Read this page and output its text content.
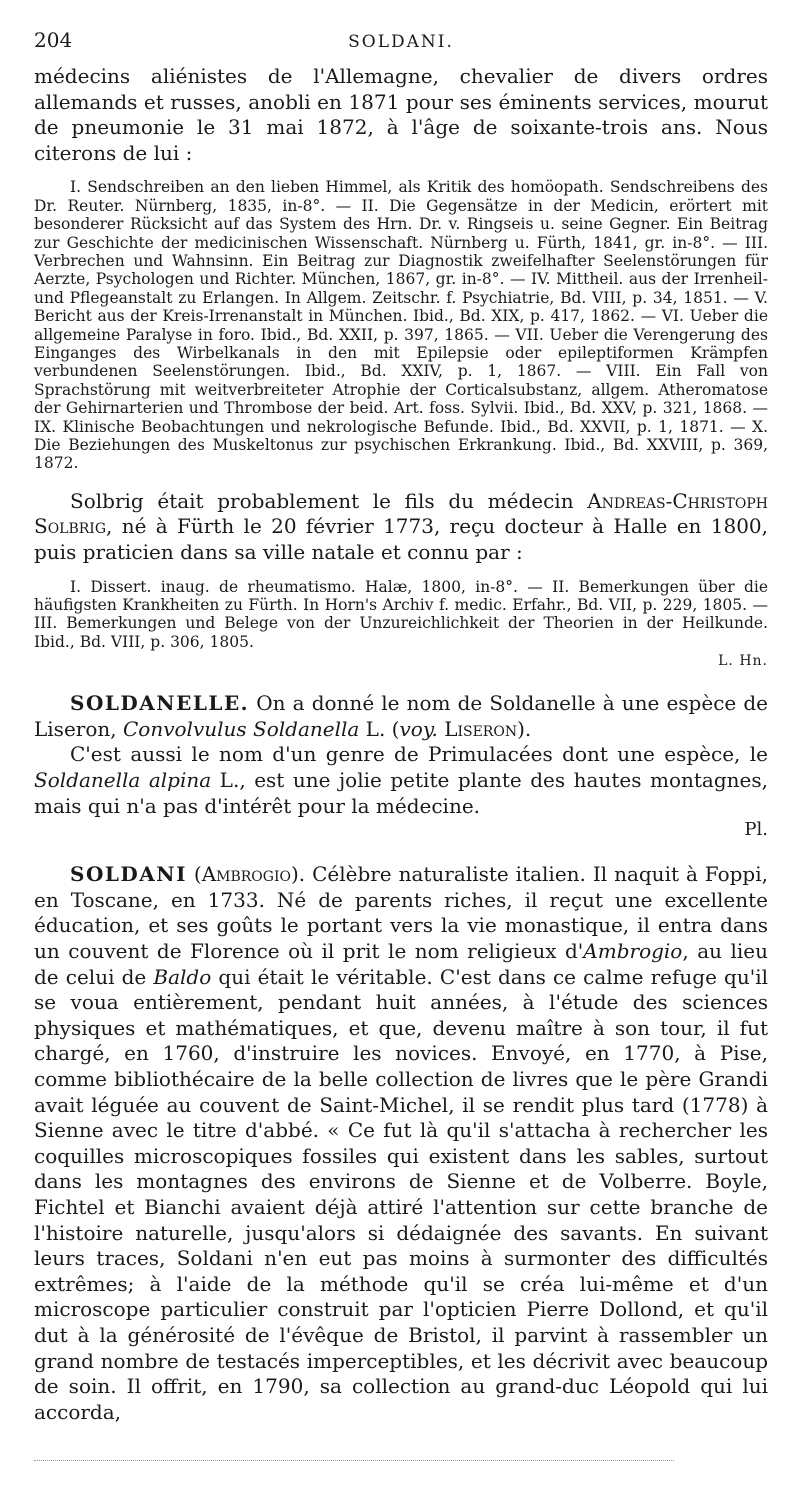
204	SOLDANI.

médecins aliénistes de l'Allemagne, chevalier de divers ordres allemands et russes, anobli en 1871 pour ses éminents services, mourut de pneumonie le 31 mai 1872, à l'âge de soixante-trois ans. Nous citerons de lui :

I. Sendschreiben an den lieben Himmel, als Kritik des homöopath. Sendschreibens des Dr. Reuter. Nürnberg, 1835, in-8°. — II. Die Gegensätze in der Medicin, erörtert mit besonderer Rücksicht auf das System des Hrn. Dr. v. Ringseis u. seine Gegner. Ein Beitrag zur Geschichte der medicinischen Wissenschaft. Nürnberg u. Fürth, 1841, gr. in-8°. — III. Verbrechen und Wahnsinn. Ein Beitrag zur Diagnostik zweifelhafter Seelenstörungen für Aerzte, Psychologen und Richter. München, 1867, gr. in-8°. — IV. Mittheil. aus der Irrenheil- und Pflegeanstalt zu Erlangen. In Allgem. Zeitschr. f. Psychiatrie, Bd. VIII, p. 34, 1851. — V. Bericht aus der Kreis-Irrenanstalt in München. Ibid., Bd. XIX, p. 417, 1862. — VI. Ueber die allgemeine Paralyse in foro. Ibid., Bd. XXII, p. 397, 1865. — VII. Ueber die Verengerung des Einganges des Wirbelkanals in den mit Epilepsie oder epileptiformen Krämpfen verbundenen Seelenstörungen. Ibid., Bd. XXIV, p. 1, 1867. — VIII. Ein Fall von Sprachstörung mit weitverbreiteter Atrophie der Corticalsubstanz, allgem. Atheromatose der Gehirnarterien und Thrombose der beid. Art. foss. Sylvii. Ibid., Bd. XXV, p. 321, 1868. — IX. Klinische Beobachtungen und nekrologische Befunde. Ibid., Bd. XXVII, p. 1, 1871. — X. Die Beziehungen des Muskeltonus zur psychischen Erkrankung. Ibid., Bd. XXVIII, p. 369, 1872.

Solbrig était probablement le fils du médecin Andreas-Christoph Solbrig, né à Fürth le 20 février 1773, reçu docteur à Halle en 1800, puis praticien dans sa ville natale et connu par :

I. Dissert. inaug. de rheumatismo. Halæ, 1800, in-8°. — II. Bemerkungen über die häufigsten Krankheiten zu Fürth. In Horn's Archiv f. medic. Erfahr., Bd. VII, p. 229, 1805. — III. Bemerkungen und Belege von der Unzureichlichkeit der Theorien in der Heilkunde. Ibid., Bd. VIII, p. 306, 1805.

L. Hn.

SOLDANELLE. On a donné le nom de Soldanelle à une espèce de Liseron, Convolvulus Soldanella L. (voy. Liseron).

C'est aussi le nom d'un genre de Primulacées dont une espèce, le Soldanella alpina L., est une jolie petite plante des hautes montagnes, mais qui n'a pas d'intérêt pour la médecine.

Pl.

SOLDANI (Ambrogio). Célèbre naturaliste italien. Il naquit à Foppi, en Toscane, en 1733. Né de parents riches, il reçut une excellente éducation, et ses goûts le portant vers la vie monastique, il entra dans un couvent de Florence où il prit le nom religieux d'Ambrogio, au lieu de celui de Baldo qui était le véritable. C'est dans ce calme refuge qu'il se voua entièrement, pendant huit années, à l'étude des sciences physiques et mathématiques, et que, devenu maître à son tour, il fut chargé, en 1760, d'instruire les novices. Envoyé, en 1770, à Pise, comme bibliothécaire de la belle collection de livres que le père Grandi avait léguée au couvent de Saint-Michel, il se rendit plus tard (1778) à Sienne avec le titre d'abbé. « Ce fut là qu'il s'attacha à rechercher les coquilles microscopiques fossiles qui existent dans les sables, surtout dans les montagnes des environs de Sienne et de Volberre. Boyle, Fichtel et Bianchi avaient déjà attiré l'attention sur cette branche de l'histoire naturelle, jusqu'alors si dédaignée des savants. En suivant leurs traces, Soldani n'en eut pas moins à surmonter des difficultés extrêmes; à l'aide de la méthode qu'il se créa lui-même et d'un microscope particulier construit par l'opticien Pierre Dollond, et qu'il dut à la générosité de l'évêque de Bristol, il parvint à rassembler un grand nombre de testacés imperceptibles, et les décrivit avec beaucoup de soin. Il offrit, en 1790, sa collection au grand-duc Léopold qui lui accorda,
